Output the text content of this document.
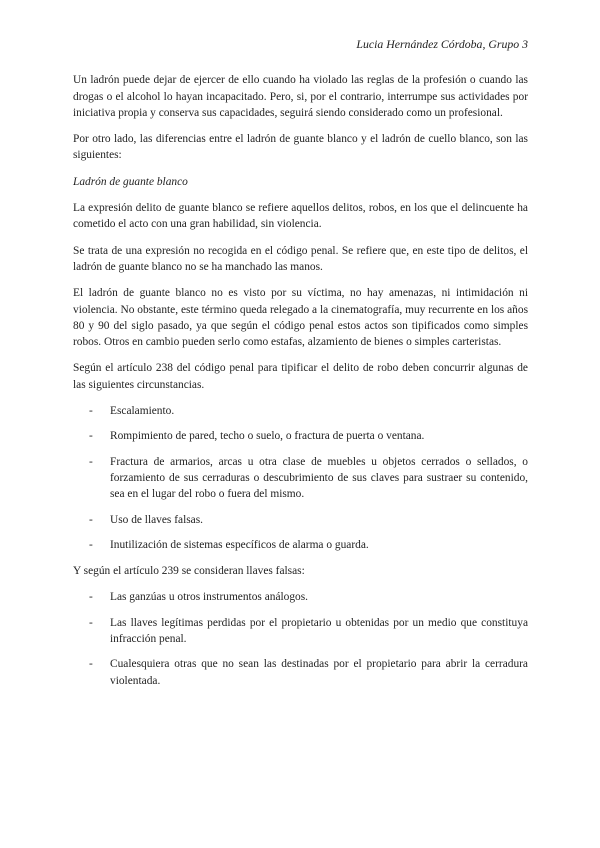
Lucia Hernández Córdoba, Grupo 3

Un ladrón puede dejar de ejercer de ello cuando ha violado las reglas de la profesión o cuando las drogas o el alcohol lo hayan incapacitado. Pero, si, por el contrario, interrumpe sus actividades por iniciativa propia y conserva sus capacidades, seguirá siendo considerado como un profesional.

Por otro lado, las diferencias entre el ladrón de guante blanco y el ladrón de cuello blanco, son las siguientes:

Ladrón de guante blanco

La expresión delito de guante blanco se refiere aquellos delitos, robos, en los que el delincuente ha cometido el acto con una gran habilidad, sin violencia.

Se trata de una expresión no recogida en el código penal. Se refiere que, en este tipo de delitos, el ladrón de guante blanco no se ha manchado las manos.

El ladrón de guante blanco no es visto por su víctima, no hay amenazas, ni intimidación ni violencia. No obstante, este término queda relegado a la cinematografía, muy recurrente en los años 80 y 90 del siglo pasado, ya que según el código penal estos actos son tipificados como simples robos. Otros en cambio pueden serlo como estafas, alzamiento de bienes o simples carteristas.

Según el artículo 238 del código penal para tipificar el delito de robo deben concurrir algunas de las siguientes circunstancias.

- Escalamiento.
- Rompimiento de pared, techo o suelo, o fractura de puerta o ventana.
- Fractura de armarios, arcas u otra clase de muebles u objetos cerrados o sellados, o forzamiento de sus cerraduras o descubrimiento de sus claves para sustraer su contenido, sea en el lugar del robo o fuera del mismo.
- Uso de llaves falsas.
- Inutilización de sistemas específicos de alarma o guarda.

Y según el artículo 239 se consideran llaves falsas:

- Las ganzúas u otros instrumentos análogos.
- Las llaves legítimas perdidas por el propietario u obtenidas por un medio que constituya infracción penal.
- Cualesquiera otras que no sean las destinadas por el propietario para abrir la cerradura violentada.
